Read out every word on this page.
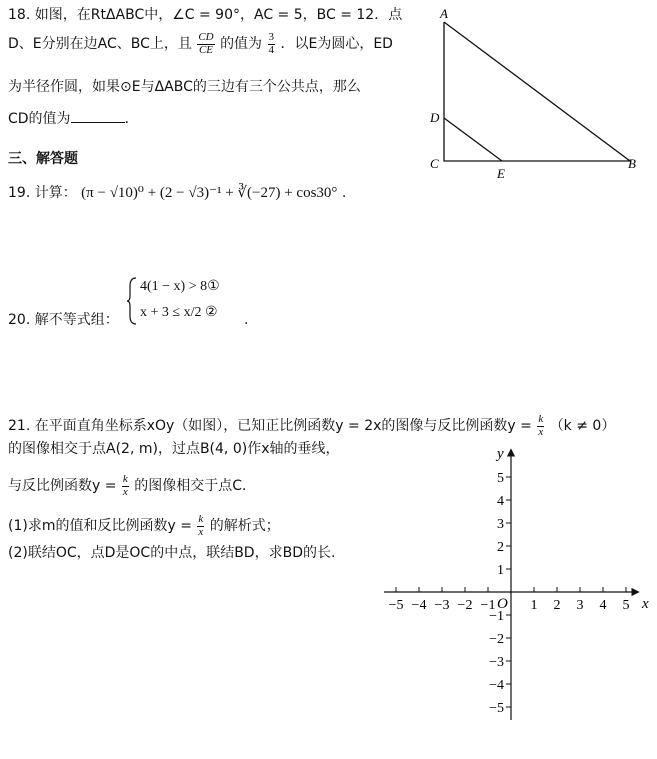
18. 如图，在RtΔABC中，∠C = 90°，AC = 5，BC = 12．点
D、E分别在边AC、BC上，且 $\frac{CD}{CE}$ 的值为 $\frac{3}{4}$ ．以E为圆心，ED
为半径作圆，如果⊙E与ΔABC的三边有三个公共点，那么
CD的值为	．
A
D
C
E
B
三、解答题
19. 计算： (π − √10)⁰ + (2 − √3)⁻¹ + ∛(−27) + cos30° .
20. 解不等式组：
4(1 − x) > 8①
x + 3 ≤ x/2 ② .
21. 在平面直角坐标系xOy（如图），已知正比例函数y = 2x的图像与反比例函数$y = \frac{k}{x} (k \ne 0)$
的图像相交于点A(2, m)，过点B(4, 0)作x轴的垂线，
与反比例函数$y = \frac{k}{x}$ 的图像相交于点C．
(1)求m的值和反比例函数$y = \frac{k}{x}$ 的解析式；
(2)联结OC，点D是OC的中点，联结BD，求BD的长.
−5 −4 −3 −2 −1	1 2 3 4 5
5
4
3
2
1
−1
−2
−3
−4
−5
x
y
O
